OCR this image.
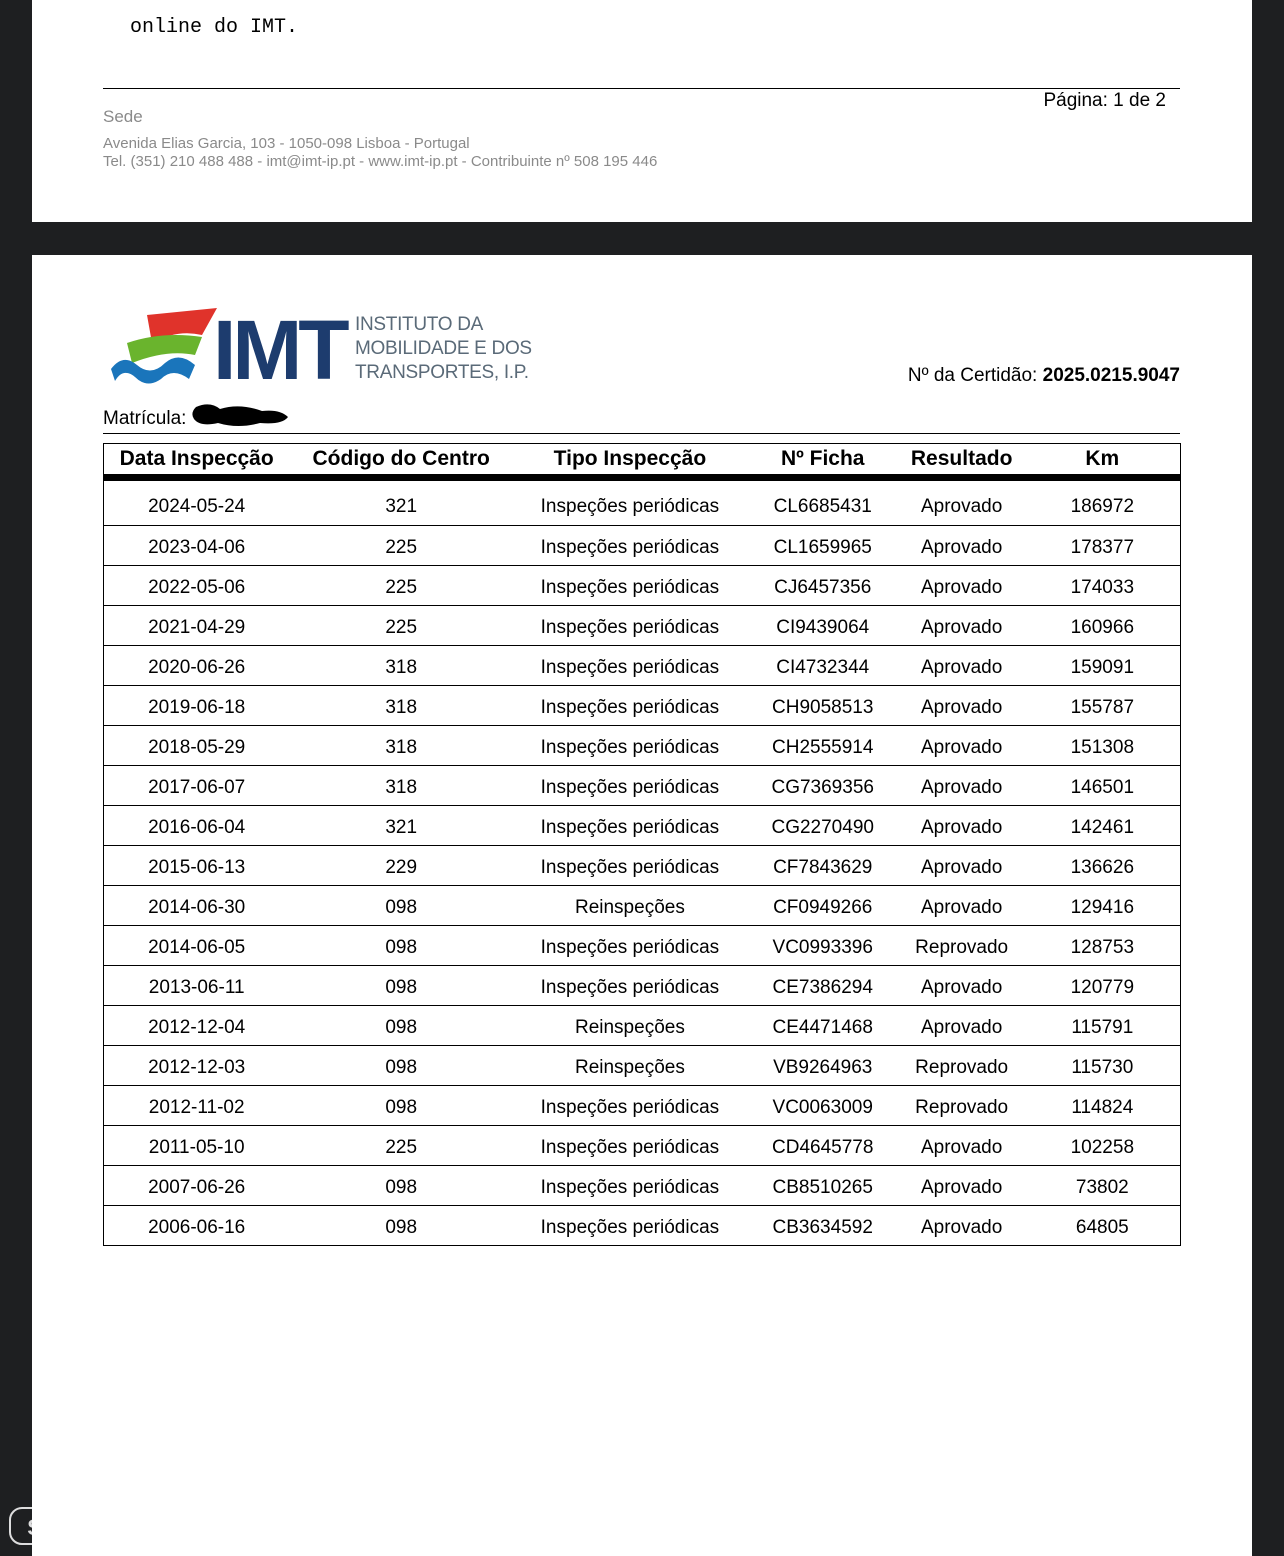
online do IMT.
Página: 1 de 2
Sede
Avenida Elias Garcia, 103 - 1050-098 Lisboa - Portugal
Tel. (351) 210 488 488 - imt@imt-ip.pt - www.imt-ip.pt - Contribuinte nº 508 195 446
IMT INSTITUTO DA
MOBILIDADE E DOS
TRANSPORTES, I.P.	Nº da Certidão: 2025.0215.9047
Matrícula:
Data Inspecção	Código do Centro	Tipo Inspecção	Nº Ficha	Resultado	Km
2024-05-24	321	Inspeções periódicas	CL6685431	Aprovado	186972
2023-04-06	225	Inspeções periódicas	CL1659965	Aprovado	178377
2022-05-06	225	Inspeções periódicas	CJ6457356	Aprovado	174033
2021-04-29	225	Inspeções periódicas	CI9439064	Aprovado	160966
2020-06-26	318	Inspeções periódicas	CI4732344	Aprovado	159091
2019-06-18	318	Inspeções periódicas	CH9058513	Aprovado	155787
2018-05-29	318	Inspeções periódicas	CH2555914	Aprovado	151308
2017-06-07	318	Inspeções periódicas	CG7369356	Aprovado	146501
2016-06-04	321	Inspeções periódicas	CG2270490	Aprovado	142461
2015-06-13	229	Inspeções periódicas	CF7843629	Aprovado	136626
2014-06-30	098	Reinspeções	CF0949266	Aprovado	129416
2014-06-05	098	Inspeções periódicas	VC0993396	Reprovado	128753
2013-06-11	098	Inspeções periódicas	CE7386294	Aprovado	120779
2012-12-04	098	Reinspeções	CE4471468	Aprovado	115791
2012-12-03	098	Reinspeções	VB9264963	Reprovado	115730
2012-11-02	098	Inspeções periódicas	VC0063009	Reprovado	114824
2011-05-10	225	Inspeções periódicas	CD4645778	Aprovado	102258
2007-06-26	098	Inspeções periódicas	CB8510265	Aprovado	73802
2006-06-16	098	Inspeções periódicas	CB3634592	Aprovado	64805
STANDVIRTUAL
